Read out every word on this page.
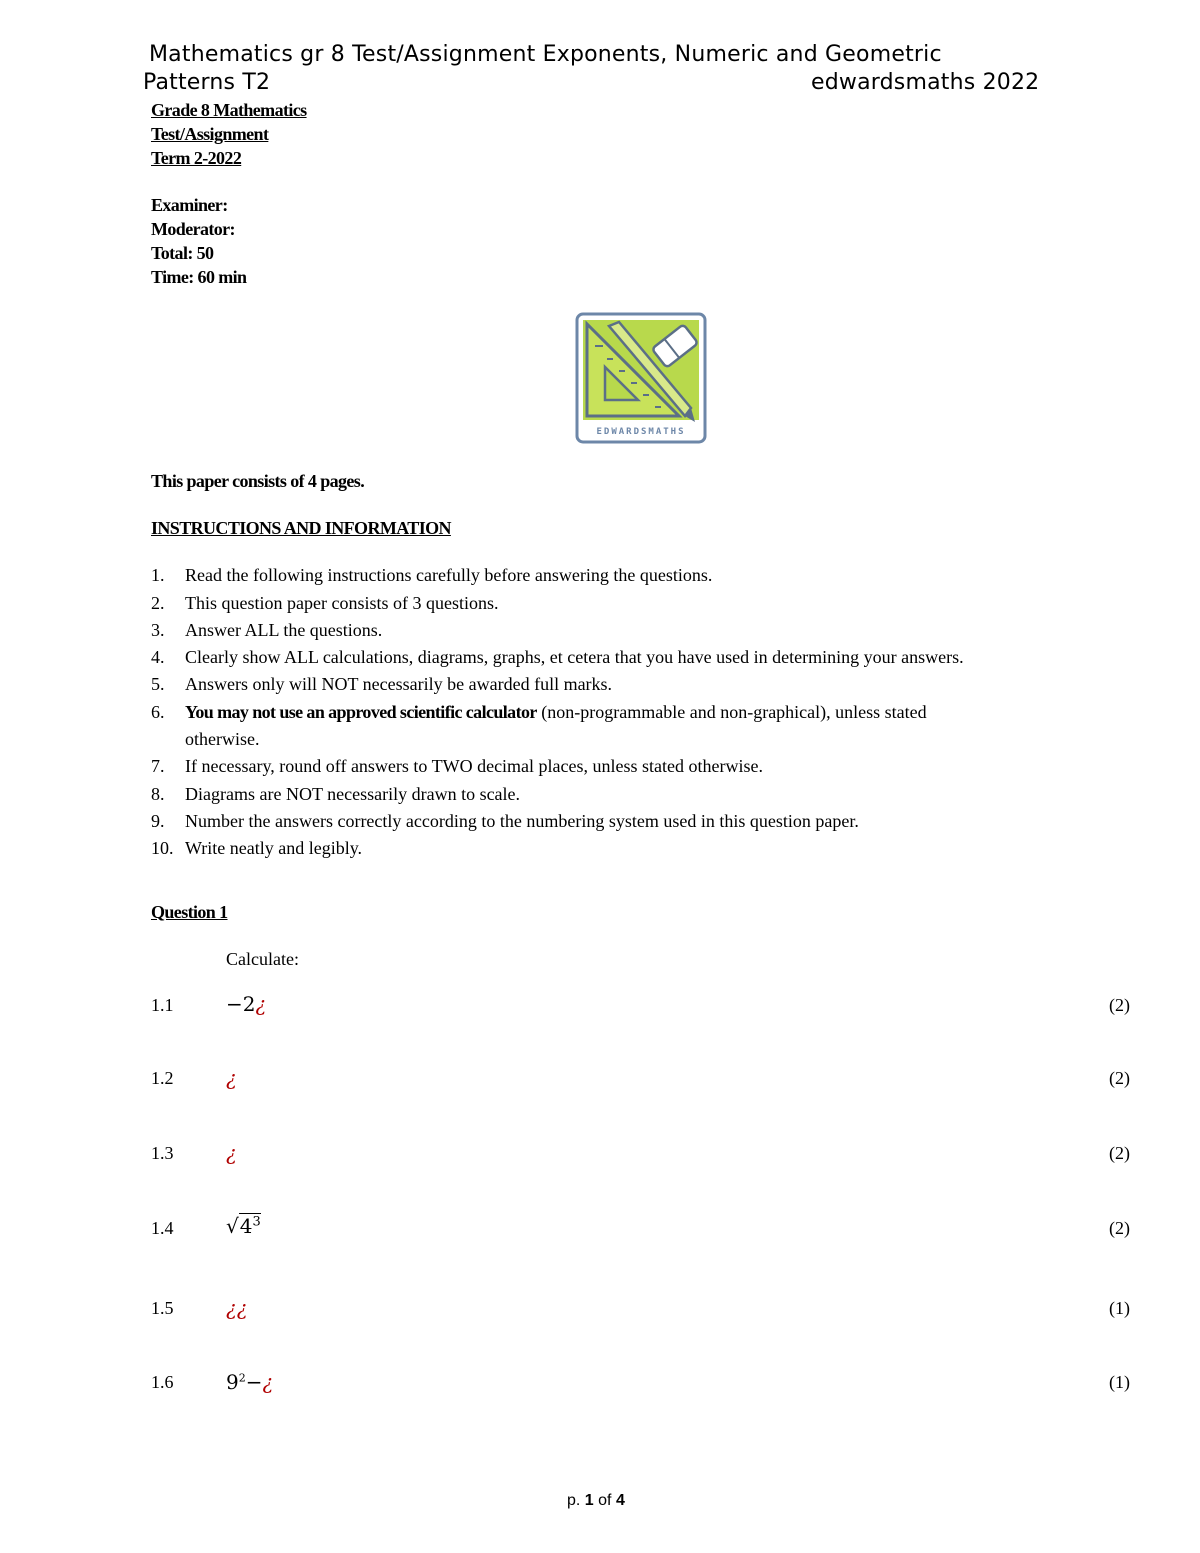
Mathematics gr 8 Test/Assignment Exponents, Numeric and Geometric
Patterns T2	edwardsmaths 2022
Grade 8 Mathematics
Test/Assignment
Term 2-2022
Examiner:
Moderator:
Total: 50
Time: 60 min
EDWARDSMATHS
This paper consists of 4 pages.
INSTRUCTIONS AND INFORMATION
1. Read the following instructions carefully before answering the questions.
2. This question paper consists of 3 questions.
3. Answer ALL the questions.
4. Clearly show ALL calculations, diagrams, graphs, et cetera that you have used in determining your answers.
5. Answers only will NOT necessarily be awarded full marks.
6. You may not use an approved scientific calculator (non-programmable and non-graphical), unless stated
otherwise.
7. If necessary, round off answers to TWO decimal places, unless stated otherwise.
8. Diagrams are NOT necessarily drawn to scale.
9. Number the answers correctly according to the numbering system used in this question paper.
10. Write neatly and legibly.
Question 1
Calculate:
1.1	−2¿	(2)
1.2	¿	(2)
1.3	¿	(2)
1.4	$√4^3$	(2)
1.5	¿¿	(1)
1.6	$9^2-¿$	(1)
p. 1 of 4
